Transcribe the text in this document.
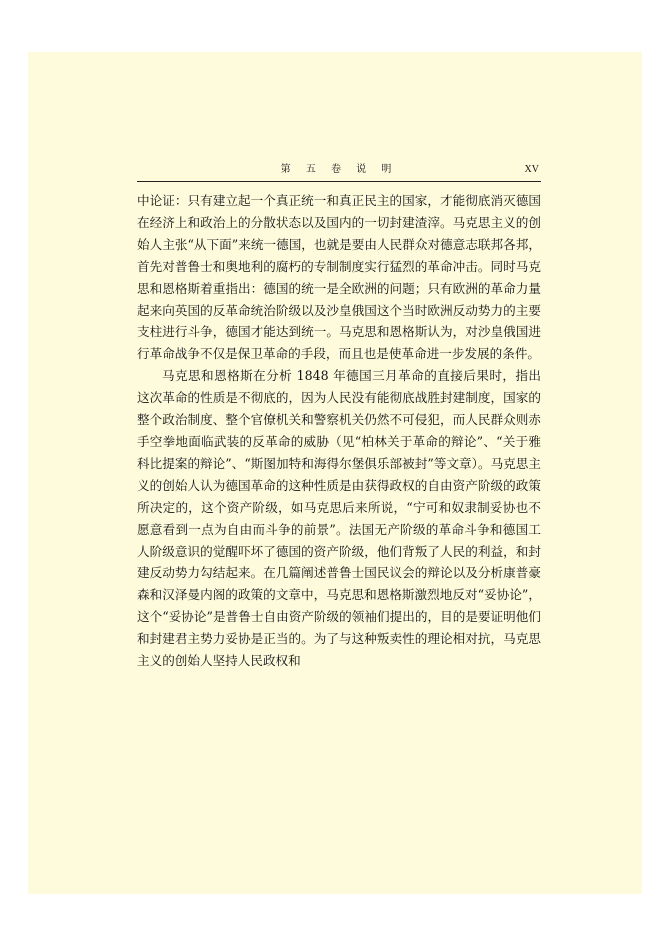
第 五 卷 说 明	XV

中论证：只有建立起一个真正统一和真正民主的国家，才能彻底消灭德国在经济上和政治上的分散状态以及国内的一切封建渣滓。马克思主义的创始人主张“从下面”来统一德国，也就是要由人民群众对德意志联邦各邦，首先对普鲁士和奥地利的腐朽的专制制度实行猛烈的革命冲击。同时马克思和恩格斯着重指出：德国的统一是全欧洲的问题；只有欧洲的革命力量起来向英国的反革命统治阶级以及沙皇俄国这个当时欧洲反动势力的主要支柱进行斗争，德国才能达到统一。马克思和恩格斯认为，对沙皇俄国进行革命战争不仅是保卫革命的手段，而且也是使革命进一步发展的条件。

马克思和恩格斯在分析 1848 年德国三月革命的直接后果时，指出这次革命的性质是不彻底的，因为人民没有能彻底战胜封建制度，国家的整个政治制度、整个官僚机关和警察机关仍然不可侵犯，而人民群众则赤手空拳地面临武装的反革命的威胁（见“柏林关于革命的辩论”、“关于雅科比提案的辩论”、“斯图加特和海得尔堡俱乐部被封”等文章）。马克思主义的创始人认为德国革命的这种性质是由获得政权的自由资产阶级的政策所决定的，这个资产阶级，如马克思后来所说，“宁可和奴隶制妥协也不愿意看到一点为自由而斗争的前景”。法国无产阶级的革命斗争和德国工人阶级意识的觉醒吓坏了德国的资产阶级，他们背叛了人民的利益，和封建反动势力勾结起来。在几篇阐述普鲁士国民议会的辩论以及分析康普豪森和汉泽曼内阁的政策的文章中，马克思和恩格斯激烈地反对“妥协论”，这个“妥协论”是普鲁士自由资产阶级的领袖们提出的，目的是要证明他们和封建君主势力妥协是正当的。为了与这种叛卖性的理论相对抗，马克思主义的创始人坚持人民政权和
